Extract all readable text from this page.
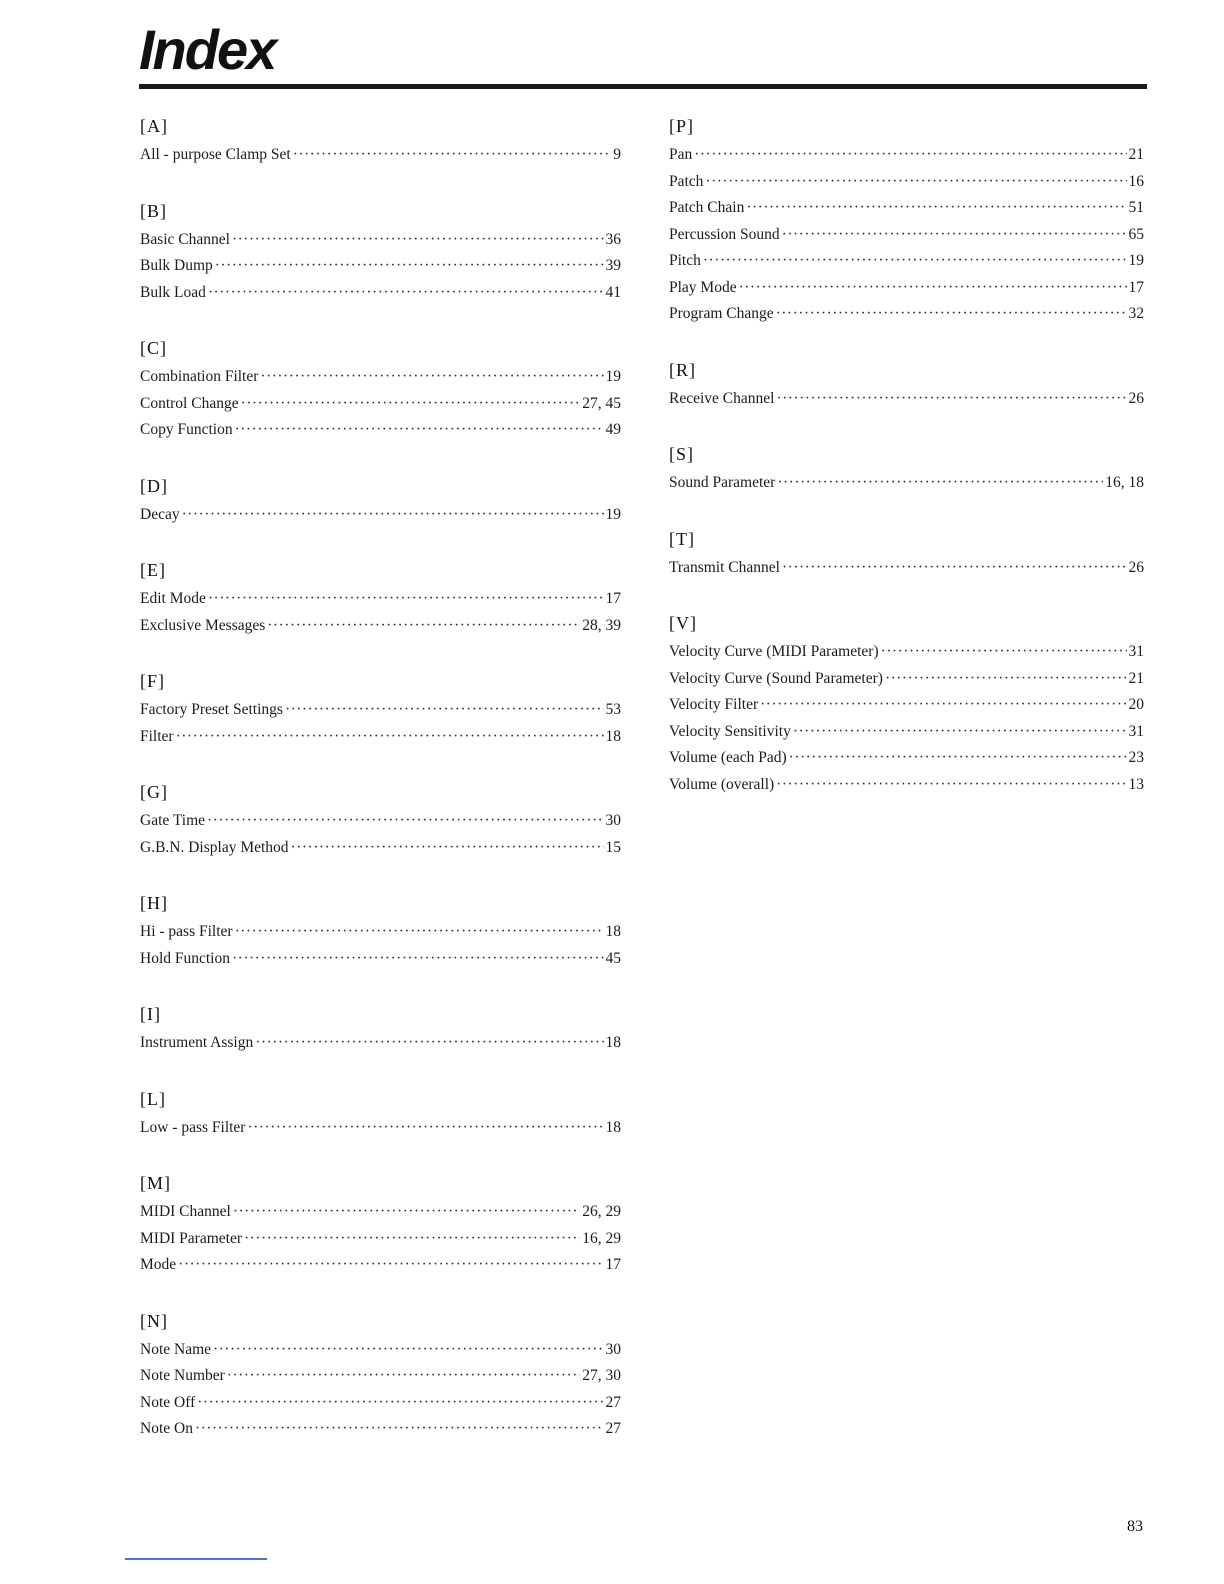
Index
[A]
All - purpose Clamp Set ·····	9
[B]
Basic Channel ·····	36
Bulk Dump ·····	39
Bulk Load ·····	41
[C]
Combination Filter ·····	19
Control Change ·····	27, 45
Copy Function ·····	49
[D]
Decay ·····	19
[E]
Edit Mode ·····	17
Exclusive Messages ·····	28, 39
[F]
Factory Preset Settings ·····	53
Filter ·····	18
[G]
Gate Time ·····	30
G.B.N. Display Method ·····	15
[H]
Hi - pass Filter ·····	18
Hold Function ·····	45
[I]
Instrument Assign ·····	18
[L]
Low - pass Filter ·····	18
[M]
MIDI Channel ·····	26, 29
MIDI Parameter ·····	16, 29
Mode ·····	17
[N]
Note Name ·····	30
Note Number ·····	27, 30
Note Off ·····	27
Note On ·····	27
[P]
Pan ·····	21
Patch ·····	16
Patch Chain ·····	51
Percussion Sound ·····	65
Pitch ·····	19
Play Mode ·····	17
Program Change ·····	32
[R]
Receive Channel ·····	26
[S]
Sound Parameter ·····	16, 18
[T]
Transmit Channel ·····	26
[V]
Velocity Curve (MIDI Parameter) ·····	31
Velocity Curve (Sound Parameter) ·····	21
Velocity Filter ·····	20
Velocity Sensitivity ·····	31
Volume (each Pad) ·····	23
Volume (overall) ·····	13
83
